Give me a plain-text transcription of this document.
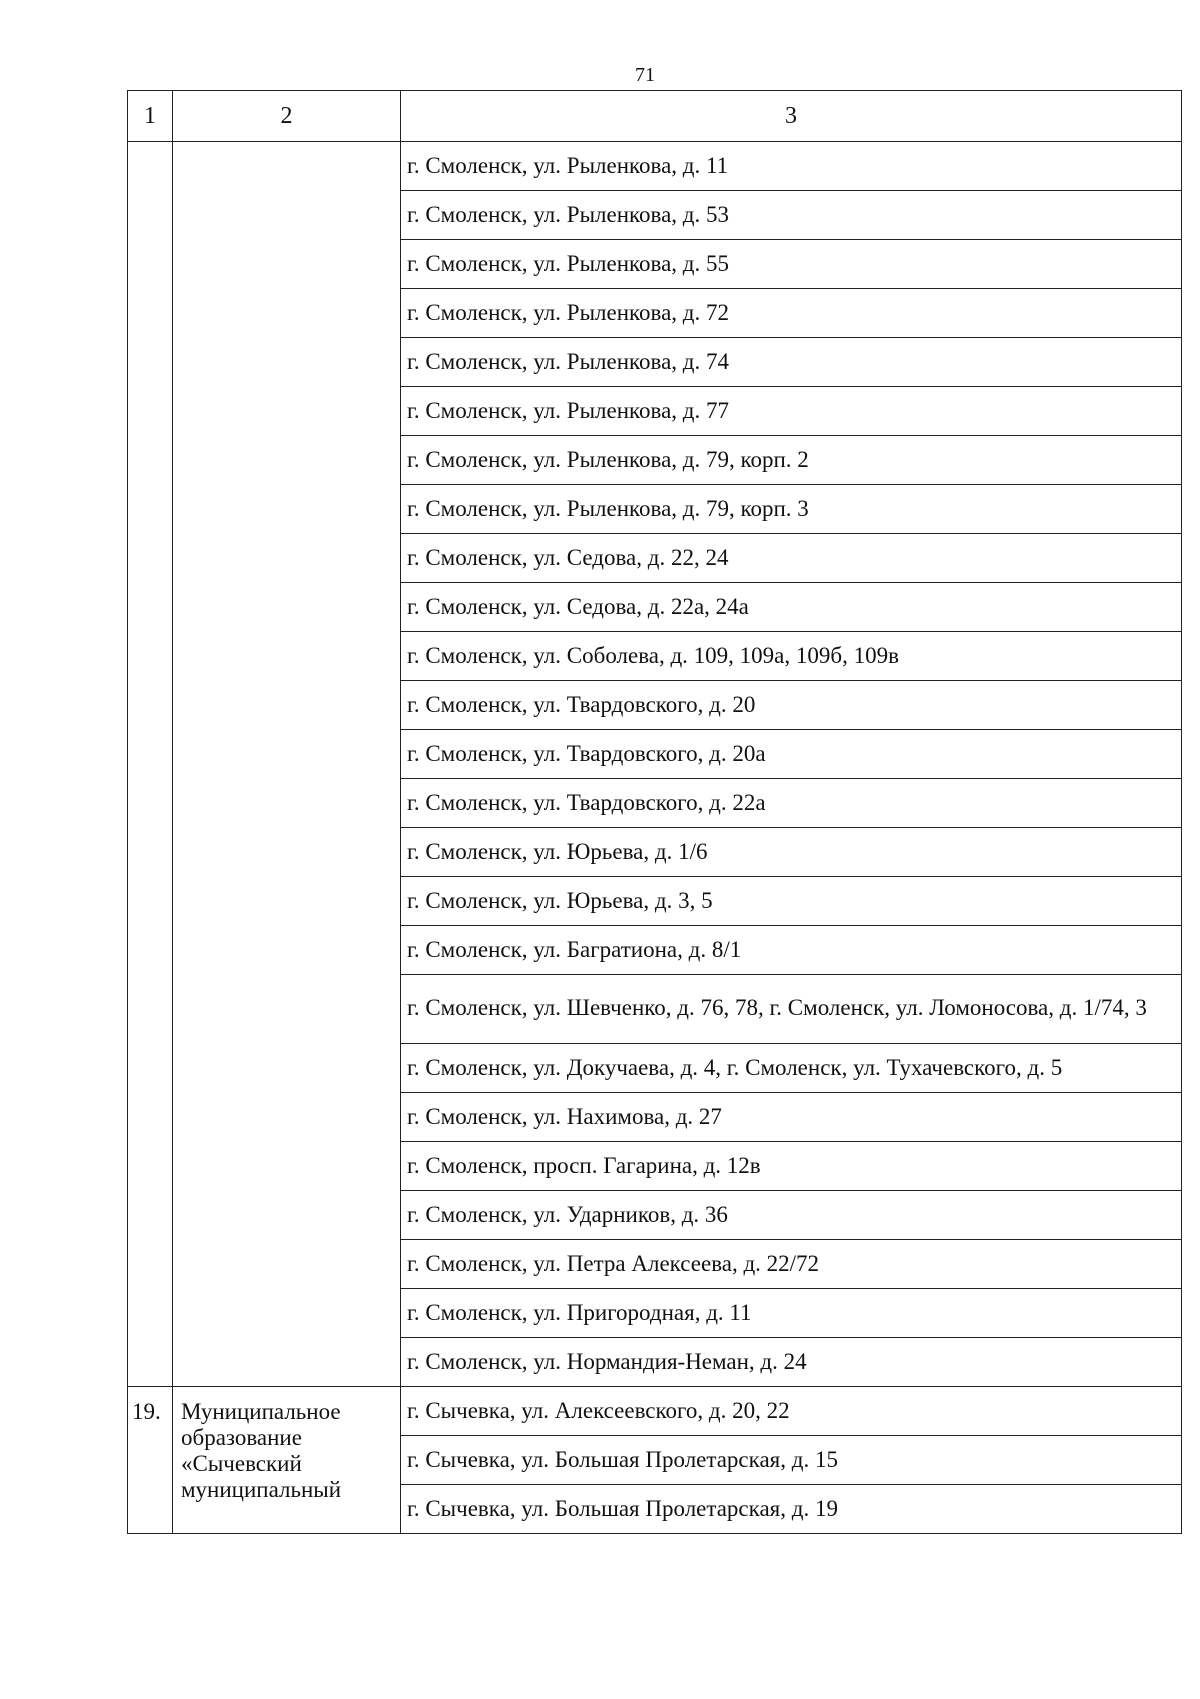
71
1	2	3
		г. Смоленск, ул. Рыленкова, д. 11
		г. Смоленск, ул. Рыленкова, д. 53
		г. Смоленск, ул. Рыленкова, д. 55
		г. Смоленск, ул. Рыленкова, д. 72
		г. Смоленск, ул. Рыленкова, д. 74
		г. Смоленск, ул. Рыленкова, д. 77
		г. Смоленск, ул. Рыленкова, д. 79, корп. 2
		г. Смоленск, ул. Рыленкова, д. 79, корп. 3
		г. Смоленск, ул. Седова, д. 22, 24
		г. Смоленск, ул. Седова, д. 22а, 24а
		г. Смоленск, ул. Соболева, д. 109, 109а, 109б, 109в
		г. Смоленск, ул. Твардовского, д. 20
		г. Смоленск, ул. Твардовского, д. 20а
		г. Смоленск, ул. Твардовского, д. 22а
		г. Смоленск, ул. Юрьева, д. 1/6
		г. Смоленск, ул. Юрьева, д. 3, 5
		г. Смоленск, ул. Багратиона, д. 8/1
		г. Смоленск, ул. Шевченко, д. 76, 78, г. Смоленск, ул. Ломоносова, д. 1/74, 3
		г. Смоленск, ул. Докучаева, д. 4, г. Смоленск, ул. Тухачевского, д. 5
		г. Смоленск, ул. Нахимова, д. 27
		г. Смоленск, просп. Гагарина, д. 12в
		г. Смоленск, ул. Ударников, д. 36
		г. Смоленск, ул. Петра Алексеева, д. 22/72
		г. Смоленск, ул. Пригородная, д. 11
		г. Смоленск, ул. Нормандия-Неман, д. 24
19.	Муниципальное образование «Сычевский муниципальный	г. Сычевка, ул. Алексеевского, д. 20, 22
		г. Сычевка, ул. Большая Пролетарская, д. 15
		г. Сычевка, ул. Большая Пролетарская, д. 19
